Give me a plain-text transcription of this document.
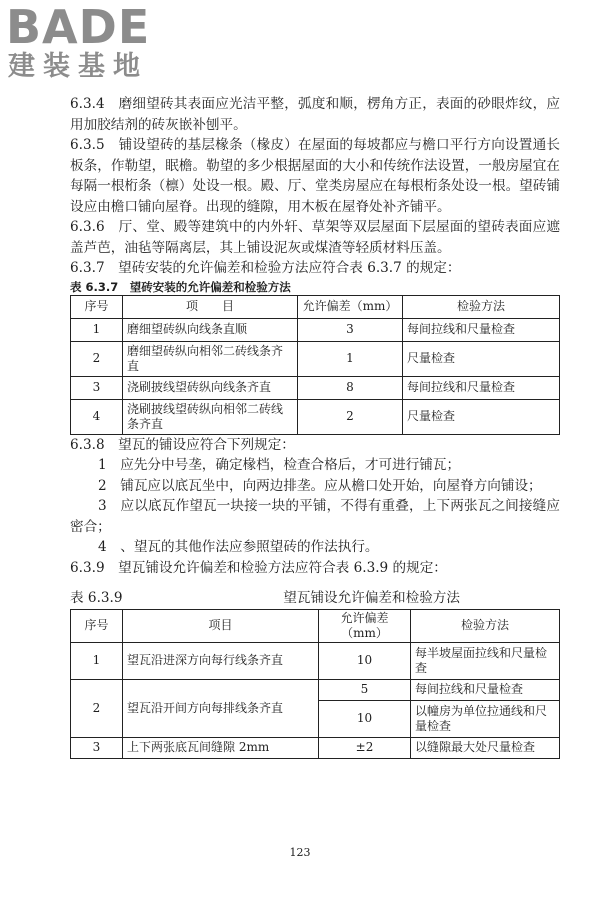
BADE
建装基地

6.3.4　磨细望砖其表面应光洁平整，弧度和顺，楞角方正，表面的砂眼炸纹，应用加胶结剂的砖灰嵌补刨平。

6.3.5　铺设望砖的基层椽条（椽皮）在屋面的每坡都应与檐口平行方向设置通长板条，作勒望，眠檐。勒望的多少根据屋面的大小和传统作法设置，一般房屋宜在每隔一根桁条（檩）处设一根。殿、厅、堂类房屋应在每根桁条处设一根。望砖铺设应由檐口铺向屋脊。出现的缝隙，用木板在屋脊处补齐铺平。

6.3.6　厅、堂、殿等建筑中的内外轩、草架等双层屋面下层屋面的望砖表面应遮盖芦芭，油毡等隔离层，其上铺设泥灰或煤渣等轻质材料压盖。

6.3.7　望砖安装的允许偏差和检验方法应符合表 6.3.7 的规定：

表 6.3.7　望砖安装的允许偏差和检验方法

序号	项　　目	允许偏差（mm）	检验方法
1	磨细望砖纵向线条直顺	3	每间拉线和尺量检查
2	磨细望砖纵向相邻二砖线条齐直	1	尺量检查
3	浇刷披线望砖纵向线条齐直	8	每间拉线和尺量检查
4	浇刷披线望砖纵向相邻二砖线条齐直	2	尺量检查

6.3.8　望瓦的铺设应符合下列规定：

1　应先分中号垄，确定椽档，检查合格后，才可进行铺瓦；

2　铺瓦应以底瓦坐中，向两边排垄。应从檐口处开始，向屋脊方向铺设；

3　应以底瓦作望瓦一块接一块的平铺，不得有重叠，上下两张瓦之间接缝应密合；

4　、望瓦的其他作法应参照望砖的作法执行。

6.3.9　望瓦铺设允许偏差和检验方法应符合表 6.3.9 的规定：

表 6.3.9	望瓦铺设允许偏差和检验方法
序号	项目	允许偏差（mm）	检验方法
1	望瓦沿进深方向每行线条齐直	10	每半坡屋面拉线和尺量检查
2	望瓦沿开间方向每排线条齐直	5	每间拉线和尺量检查
		10	以幢房为单位拉通线和尺量检查
3	上下两张底瓦间缝隙 2mm	±2	以缝隙最大处尺量检查
123
